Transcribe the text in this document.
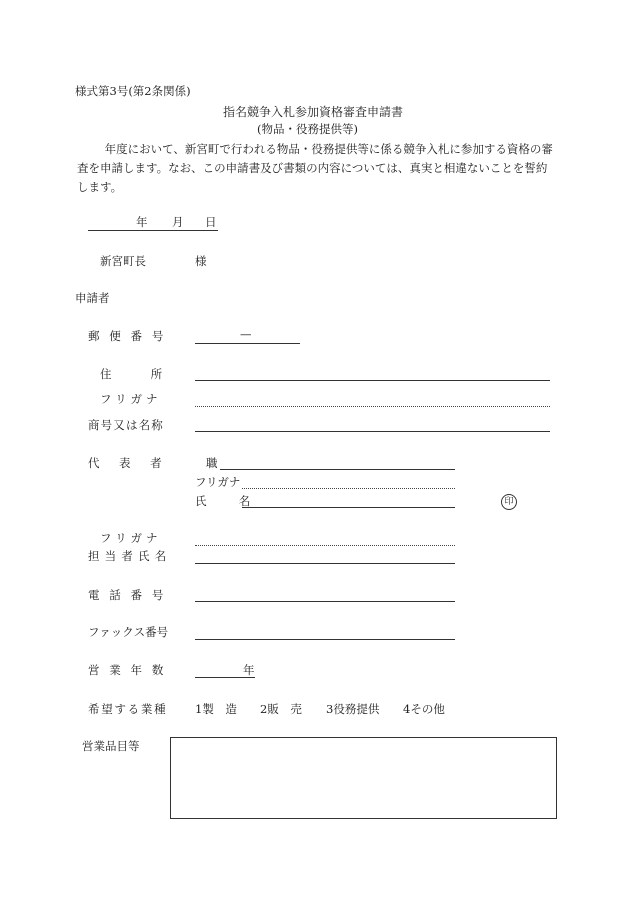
様式第3号(第2条関係)
指名競争入札参加資格審査申請書
(物品・役務提供等)
年度において、新宮町で行われる物品・役務提供等に係る競争入札に参加する資格の審査を申請します。なお、この申請書及び書類の内容については、真実と相違ないことを誓約します。
年 月 日
新宮町長	様
申請者
郵便番号	—
住　所
フリガナ
商号又は名称
代表者 職
フリガナ
氏　名	印
フリガナ
担当者氏名
電話番号
ファックス番号
営業年数	年
希望する業種 1製　造 2販　売 3役務提供 4その他
営業品目等
